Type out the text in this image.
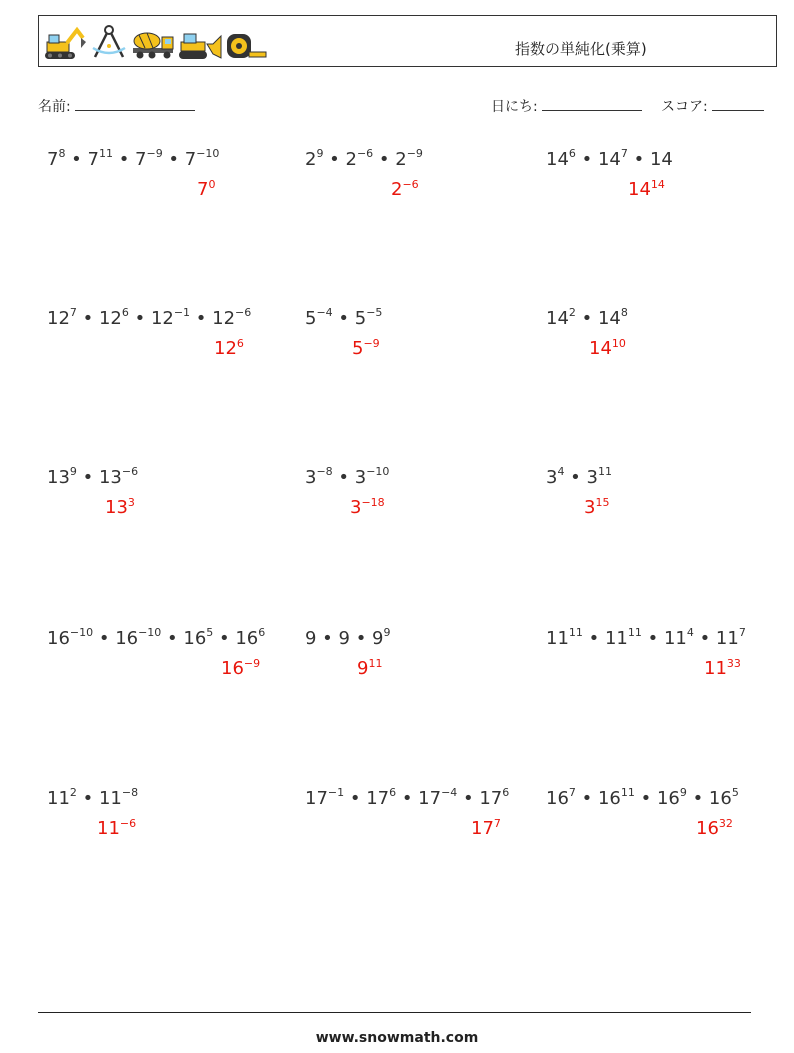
指数の単純化(乗算)
名前:	日にち:	スコア:
$7^8$ • $7^{11}$ • $7^{-9}$ • $7^{-10}$
$7^0$
$2^9$ • $2^{-6}$ • $2^{-9}$
$2^{-6}$
$14^6$ • $14^7$ • 14
$14^{14}$
$12^7$ • $12^6$ • $12^{-1}$ • $12^{-6}$
$12^6$
$5^{-4}$ • $5^{-5}$
$5^{-9}$
$14^2$ • $14^8$
$14^{10}$
$13^9$ • $13^{-6}$
$13^3$
$3^{-8}$ • $3^{-10}$
$3^{-18}$
$3^4$ • $3^{11}$
$3^{15}$
$16^{-10}$ • $16^{-10}$ • $16^5$ • $16^6$
$16^{-9}$
9 • 9 • $9^9$
$9^{11}$
$11^{11}$ • $11^{11}$ • $11^4$ • $11^7$
$11^{33}$
$11^2$ • $11^{-8}$
$11^{-6}$
$17^{-1}$ • $17^6$ • $17^{-4}$ • $17^6$
$17^7$
$16^7$ • $16^{11}$ • $16^9$ • $16^5$
$16^{32}$
www.snowmath.com
